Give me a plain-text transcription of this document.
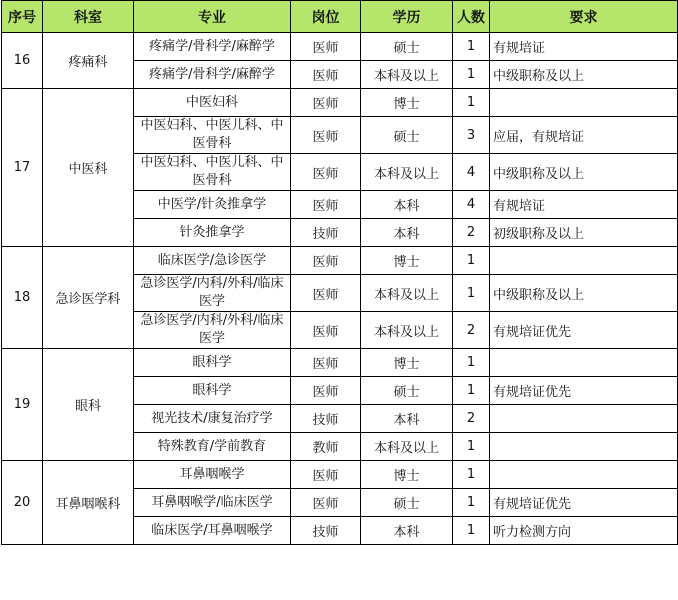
序号	科室	专业	岗位	学历	人数	要求
16	疼痛科	疼痛学/骨科学/麻醉学	医师	硕士	1	有规培证
		疼痛学/骨科学/麻醉学	医师	本科及以上	1	中级职称及以上
17	中医科	中医妇科	医师	博士	1	
		中医妇科、中医儿科、中医骨科	医师	硕士	3	应届，有规培证
		中医妇科、中医儿科、中医骨科	医师	本科及以上	4	中级职称及以上
		中医学/针灸推拿学	医师	本科	4	有规培证
		针灸推拿学	技师	本科	2	初级职称及以上
18	急诊医学科	临床医学/急诊医学	医师	博士	1	
		急诊医学/内科/外科/临床医学	医师	本科及以上	1	中级职称及以上
		急诊医学/内科/外科/临床医学	医师	本科及以上	2	有规培证优先
19	眼科	眼科学	医师	博士	1	
		眼科学	医师	硕士	1	有规培证优先
		视光技术/康复治疗学	技师	本科	2	
		特殊教育/学前教育	教师	本科及以上	1	
20	耳鼻咽喉科	耳鼻咽喉学	医师	博士	1	
		耳鼻咽喉学/临床医学	医师	硕士	1	有规培证优先
		临床医学/耳鼻咽喉学	技师	本科	1	听力检测方向
